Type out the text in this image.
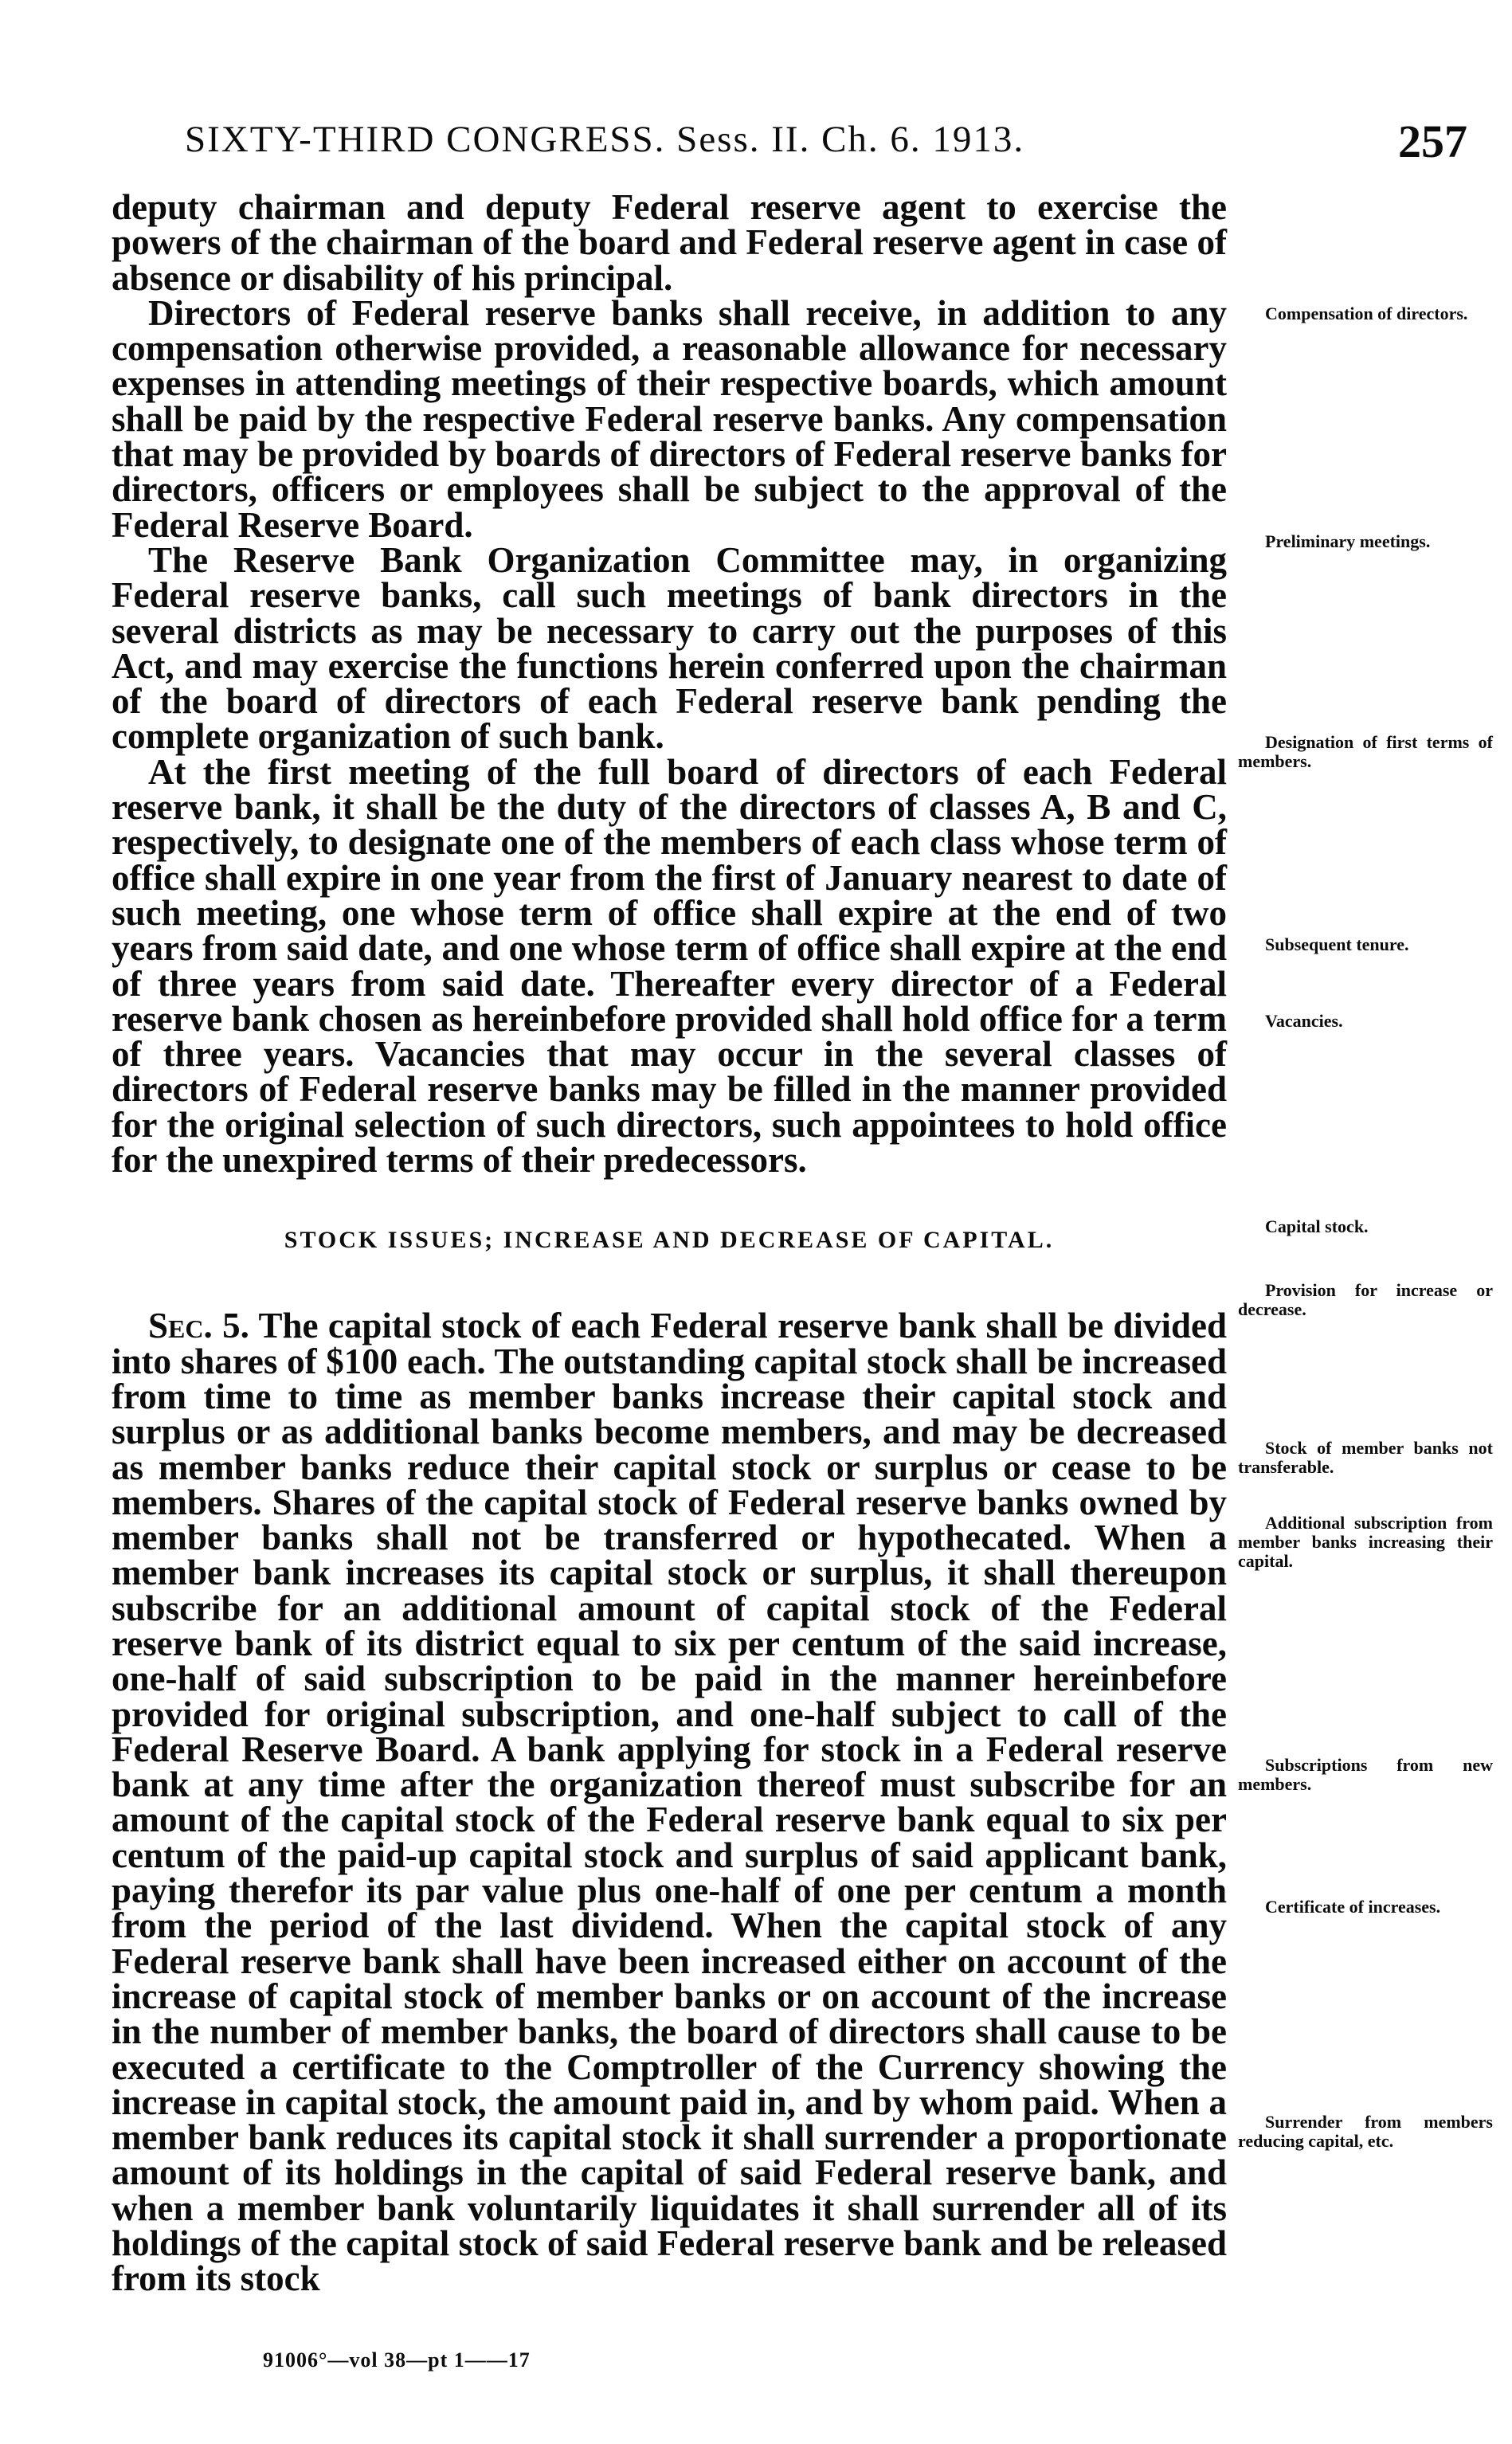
SIXTY-THIRD CONGRESS. Sess. II. Ch. 6. 1913.	257

deputy chairman and deputy Federal reserve agent to exercise the powers of the chairman of the board and Federal reserve agent in case of absence or disability of his principal.

Directors of Federal reserve banks shall receive, in addition to any compensation otherwise provided, a reasonable allowance for necessary expenses in attending meetings of their respective boards, which amount shall be paid by the respective Federal reserve banks. Any compensation that may be provided by boards of directors of Federal reserve banks for directors, officers or employees shall be subject to the approval of the Federal Reserve Board.

The Reserve Bank Organization Committee may, in organizing Federal reserve banks, call such meetings of bank directors in the several districts as may be necessary to carry out the purposes of this Act, and may exercise the functions herein conferred upon the chairman of the board of directors of each Federal reserve bank pending the complete organization of such bank.

At the first meeting of the full board of directors of each Federal reserve bank, it shall be the duty of the directors of classes A, B and C, respectively, to designate one of the members of each class whose term of office shall expire in one year from the first of January nearest to date of such meeting, one whose term of office shall expire at the end of two years from said date, and one whose term of office shall expire at the end of three years from said date. Thereafter every director of a Federal reserve bank chosen as hereinbefore provided shall hold office for a term of three years. Vacancies that may occur in the several classes of directors of Federal reserve banks may be filled in the manner provided for the original selection of such directors, such appointees to hold office for the unexpired terms of their predecessors.

STOCK ISSUES; INCREASE AND DECREASE OF CAPITAL.

Sec. 5. The capital stock of each Federal reserve bank shall be divided into shares of $100 each. The outstanding capital stock shall be increased from time to time as member banks increase their capital stock and surplus or as additional banks become members, and may be decreased as member banks reduce their capital stock or surplus or cease to be members. Shares of the capital stock of Federal reserve banks owned by member banks shall not be transferred or hypothecated. When a member bank increases its capital stock or surplus, it shall thereupon subscribe for an additional amount of capital stock of the Federal reserve bank of its district equal to six per centum of the said increase, one-half of said subscription to be paid in the manner hereinbefore provided for original subscription, and one-half subject to call of the Federal Reserve Board. A bank applying for stock in a Federal reserve bank at any time after the organization thereof must subscribe for an amount of the capital stock of the Federal reserve bank equal to six per centum of the paid-up capital stock and surplus of said applicant bank, paying therefor its par value plus one-half of one per centum a month from the period of the last dividend. When the capital stock of any Federal reserve bank shall have been increased either on account of the increase of capital stock of member banks or on account of the increase in the number of member banks, the board of directors shall cause to be executed a certificate to the Comptroller of the Currency showing the increase in capital stock, the amount paid in, and by whom paid. When a member bank reduces its capital stock it shall surrender a proportionate amount of its holdings in the capital of said Federal reserve bank, and when a member bank voluntarily liquidates it shall surrender all of its holdings of the capital stock of said Federal reserve bank and be released from its stock

Compensation of directors.
Preliminary meetings.
Designation of first terms of members.
Subsequent tenure.
Vacancies.
Capital stock.
Provision for increase or decrease.
Stock of member banks not transferable.
Additional subscription from member banks increasing their capital.
Subscriptions from new members.
Certificate of increases.
Surrender from members reducing capital, etc.
91006°—vol 38—pt 1——17
